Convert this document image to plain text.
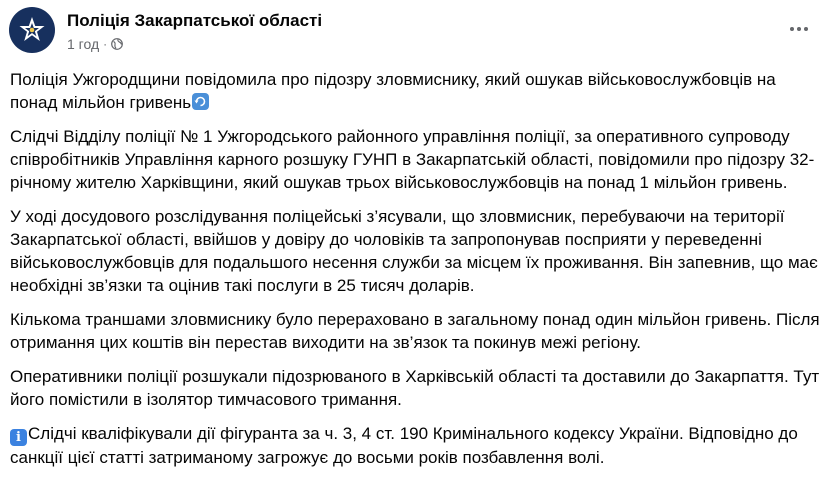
Поліція Закарпатської області
1 год ·

Поліція Ужгородщини повідомила про підозру зловмиснику, який ошукав військовослужбовців на понад мільйон гривень

Слідчі Відділу поліції № 1 Ужгородського районного управління поліції, за оперативного супроводу співробітників Управління карного розшуку ГУНП в Закарпатській області, повідомили про підозру 32-річному жителю Харківщини, який ошукав трьох військовослужбовців на понад 1 мільйон гривень.

У ході досудового розслідування поліцейські з’ясували, що зловмисник, перебуваючи на території Закарпатської області, ввійшов у довіру до чоловіків та запропонував посприяти у переведенні військовослужбовців для подальшого несення служби за місцем їх проживання. Він запевнив, що має необхідні зв’язки та оцінив такі послуги в 25 тисяч доларів.

Кількома траншами зловмиснику було перераховано в загальному понад один мільйон гривень. Після отримання цих коштів він перестав виходити на зв’язок та покинув межі регіону.

Оперативники поліції розшукали підозрюваного в Харківській області та доставили до Закарпаття. Тут його помістили в ізолятор тимчасового тримання.

i Слідчі кваліфікували дії фігуранта за ч. 3, 4 ст. 190 Кримінального кодексу України. Відповідно до санкції цієї статті затриманому загрожує до восьми років позбавлення волі.
